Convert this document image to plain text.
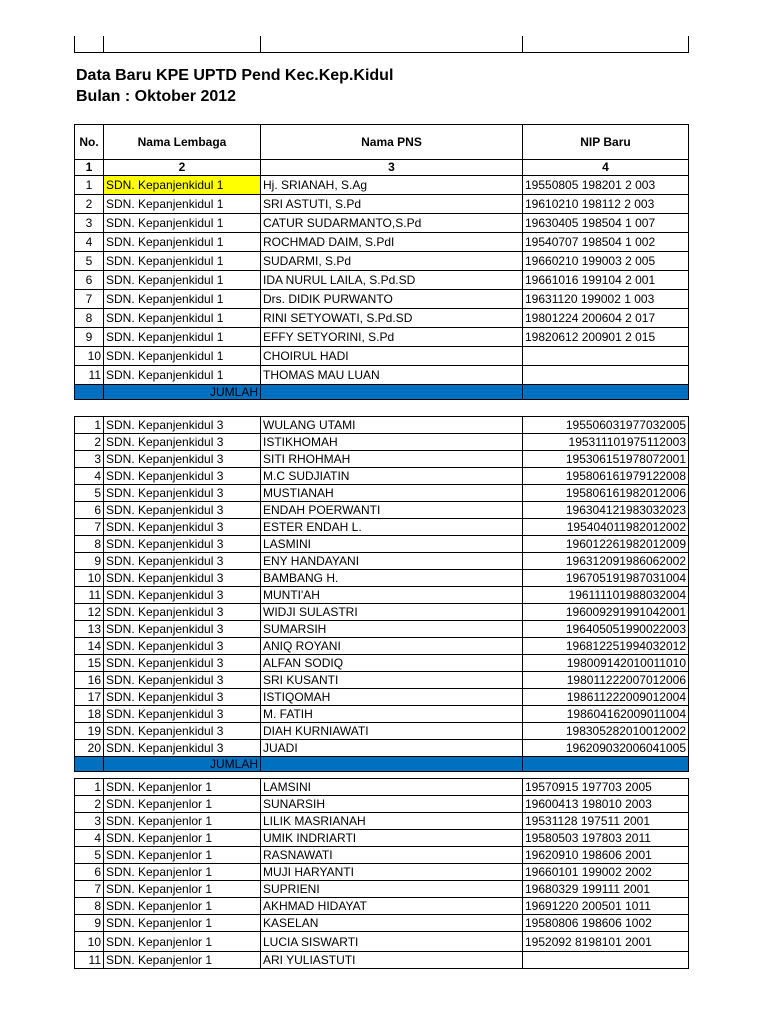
Data Baru KPE UPTD Pend Kec.Kep.Kidul
Bulan : Oktober 2012
No.	Nama Lembaga	Nama PNS	NIP Baru
1	2	3	4
1	SDN. Kepanjenkidul 1	Hj. SRIANAH, S.Ag	19550805 198201 2 003
2	SDN. Kepanjenkidul 1	SRI ASTUTI, S.Pd	19610210 198112 2 003
3	SDN. Kepanjenkidul 1	CATUR SUDARMANTO,S.Pd	19630405 198504 1 007
4	SDN. Kepanjenkidul 1	ROCHMAD DAIM, S.PdI	19540707 198504 1 002
5	SDN. Kepanjenkidul 1	SUDARMI, S.Pd	19660210 199003 2 005
6	SDN. Kepanjenkidul 1	IDA NURUL LAILA, S.Pd.SD	19661016 199104 2 001
7	SDN. Kepanjenkidul 1	Drs. DIDIK PURWANTO	19631120 199002 1 003
8	SDN. Kepanjenkidul 1	RINI SETYOWATI, S.Pd.SD	19801224 200604 2 017
9	SDN. Kepanjenkidul 1	EFFY SETYORINI, S.Pd	19820612 200901 2 015
10	SDN. Kepanjenkidul 1	CHOIRUL HADI	
11	SDN. Kepanjenkidul 1	THOMAS MAU LUAN	
	JUMLAH		
1	SDN. Kepanjenkidul 3	WULANG UTAMI	195506031977032005
2	SDN. Kepanjenkidul 3	ISTIKHOMAH	195311101975112003
3	SDN. Kepanjenkidul 3	SITI RHOHMAH	195306151978072001
4	SDN. Kepanjenkidul 3	M.C SUDJIATIN	195806161979122008
5	SDN. Kepanjenkidul 3	MUSTIANAH	195806161982012006
6	SDN. Kepanjenkidul 3	ENDAH POERWANTI	196304121983032023
7	SDN. Kepanjenkidul 3	ESTER ENDAH L.	195404011982012002
8	SDN. Kepanjenkidul 3	LASMINI	196012261982012009
9	SDN. Kepanjenkidul 3	ENY HANDAYANI	196312091986062002
10	SDN. Kepanjenkidul 3	BAMBANG H.	196705191987031004
11	SDN. Kepanjenkidul 3	MUNTI'AH	196111101988032004
12	SDN. Kepanjenkidul 3	WIDJI SULASTRI	196009291991042001
13	SDN. Kepanjenkidul 3	SUMARSIH	196405051990022003
14	SDN. Kepanjenkidul 3	ANIQ ROYANI	196812251994032012
15	SDN. Kepanjenkidul 3	ALFAN SODIQ	198009142010011010
16	SDN. Kepanjenkidul 3	SRI KUSANTI	198011222007012006
17	SDN. Kepanjenkidul 3	ISTIQOMAH	198611222009012004
18	SDN. Kepanjenkidul 3	M. FATIH	198604162009011004
19	SDN. Kepanjenkidul 3	DIAH KURNIAWATI	198305282010012002
20	SDN. Kepanjenkidul 3	JUADI	196209032006041005
	JUMLAH		
1	SDN. Kepanjenlor 1	LAMSINI	19570915 197703 2005
2	SDN. Kepanjenlor 1	SUNARSIH	19600413 198010 2003
3	SDN. Kepanjenlor 1	LILIK MASRIANAH	19531128 197511 2001
4	SDN. Kepanjenlor 1	UMIK INDRIARTI	19580503 197803 2011
5	SDN. Kepanjenlor 1	RASNAWATI	19620910 198606 2001
6	SDN. Kepanjenlor 1	MUJI HARYANTI	19660101 199002 2002
7	SDN. Kepanjenlor 1	SUPRIENI	19680329 199111 2001
8	SDN. Kepanjenlor 1	AKHMAD HIDAYAT	19691220 200501 1011
9	SDN. Kepanjenlor 1	KASELAN	19580806 198606 1002
10	SDN. Kepanjenlor 1	LUCIA SISWARTI	1952092 8198101 2001
11	SDN. Kepanjenlor 1	ARI YULIASTUTI	
